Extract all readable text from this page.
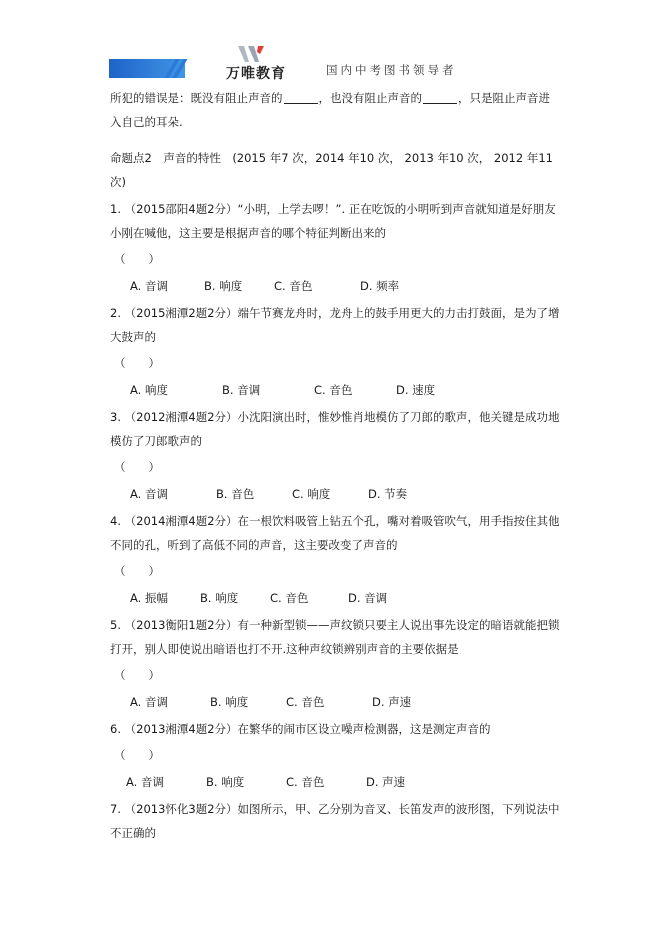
万唯教育	国内中考图书领导者
所犯的错误是：既没有阻止声音的	，也没有阻止声音的	，只是阻止声音进入自己的耳朵.
命题点2　声音的特性　(2015 年7 次，2014 年10 次， 2013 年10 次， 2012 年11 次)
1. （2015邵阳4题2分）“小明，上学去啰！”. 正在吃饭的小明听到声音就知道是好朋友小刚在喊他，这主要是根据声音的哪个特征判断出来的
（　　）
A. 音调	B. 响度	C. 音色	D. 频率
2. （2015湘潭2题2分）端午节赛龙舟时，龙舟上的鼓手用更大的力击打鼓面，是为了增大鼓声的
（　　）
A. 响度	B. 音调	C. 音色	D. 速度
3. （2012湘潭4题2分）小沈阳演出时，惟妙惟肖地模仿了刀郎的歌声，他关键是成功地模仿了刀郎歌声的
（　　）
A. 音调	B. 音色	C. 响度	D. 节奏
4. （2014湘潭4题2分）在一根饮料吸管上钻五个孔，嘴对着吸管吹气，用手指按住其他不同的孔，听到了高低不同的声音，这主要改变了声音的
（　　）
A. 振幅	B. 响度	C. 音色	D. 音调
5. （2013衡阳1题2分）有一种新型锁——声纹锁只要主人说出事先设定的暗语就能把锁打开，别人即使说出暗语也打不开.这种声纹锁辨别声音的主要依据是
（　　）
A. 音调	B. 响度	C. 音色	D. 声速
6. （2013湘潭4题2分）在繁华的闹市区设立噪声检测器，这是测定声音的
（　　）
A. 音调	B. 响度	C. 音色	D. 声速
7. （2013怀化3题2分）如图所示，甲、乙分别为音叉、长笛发声的波形图，下列说法中不正确的
